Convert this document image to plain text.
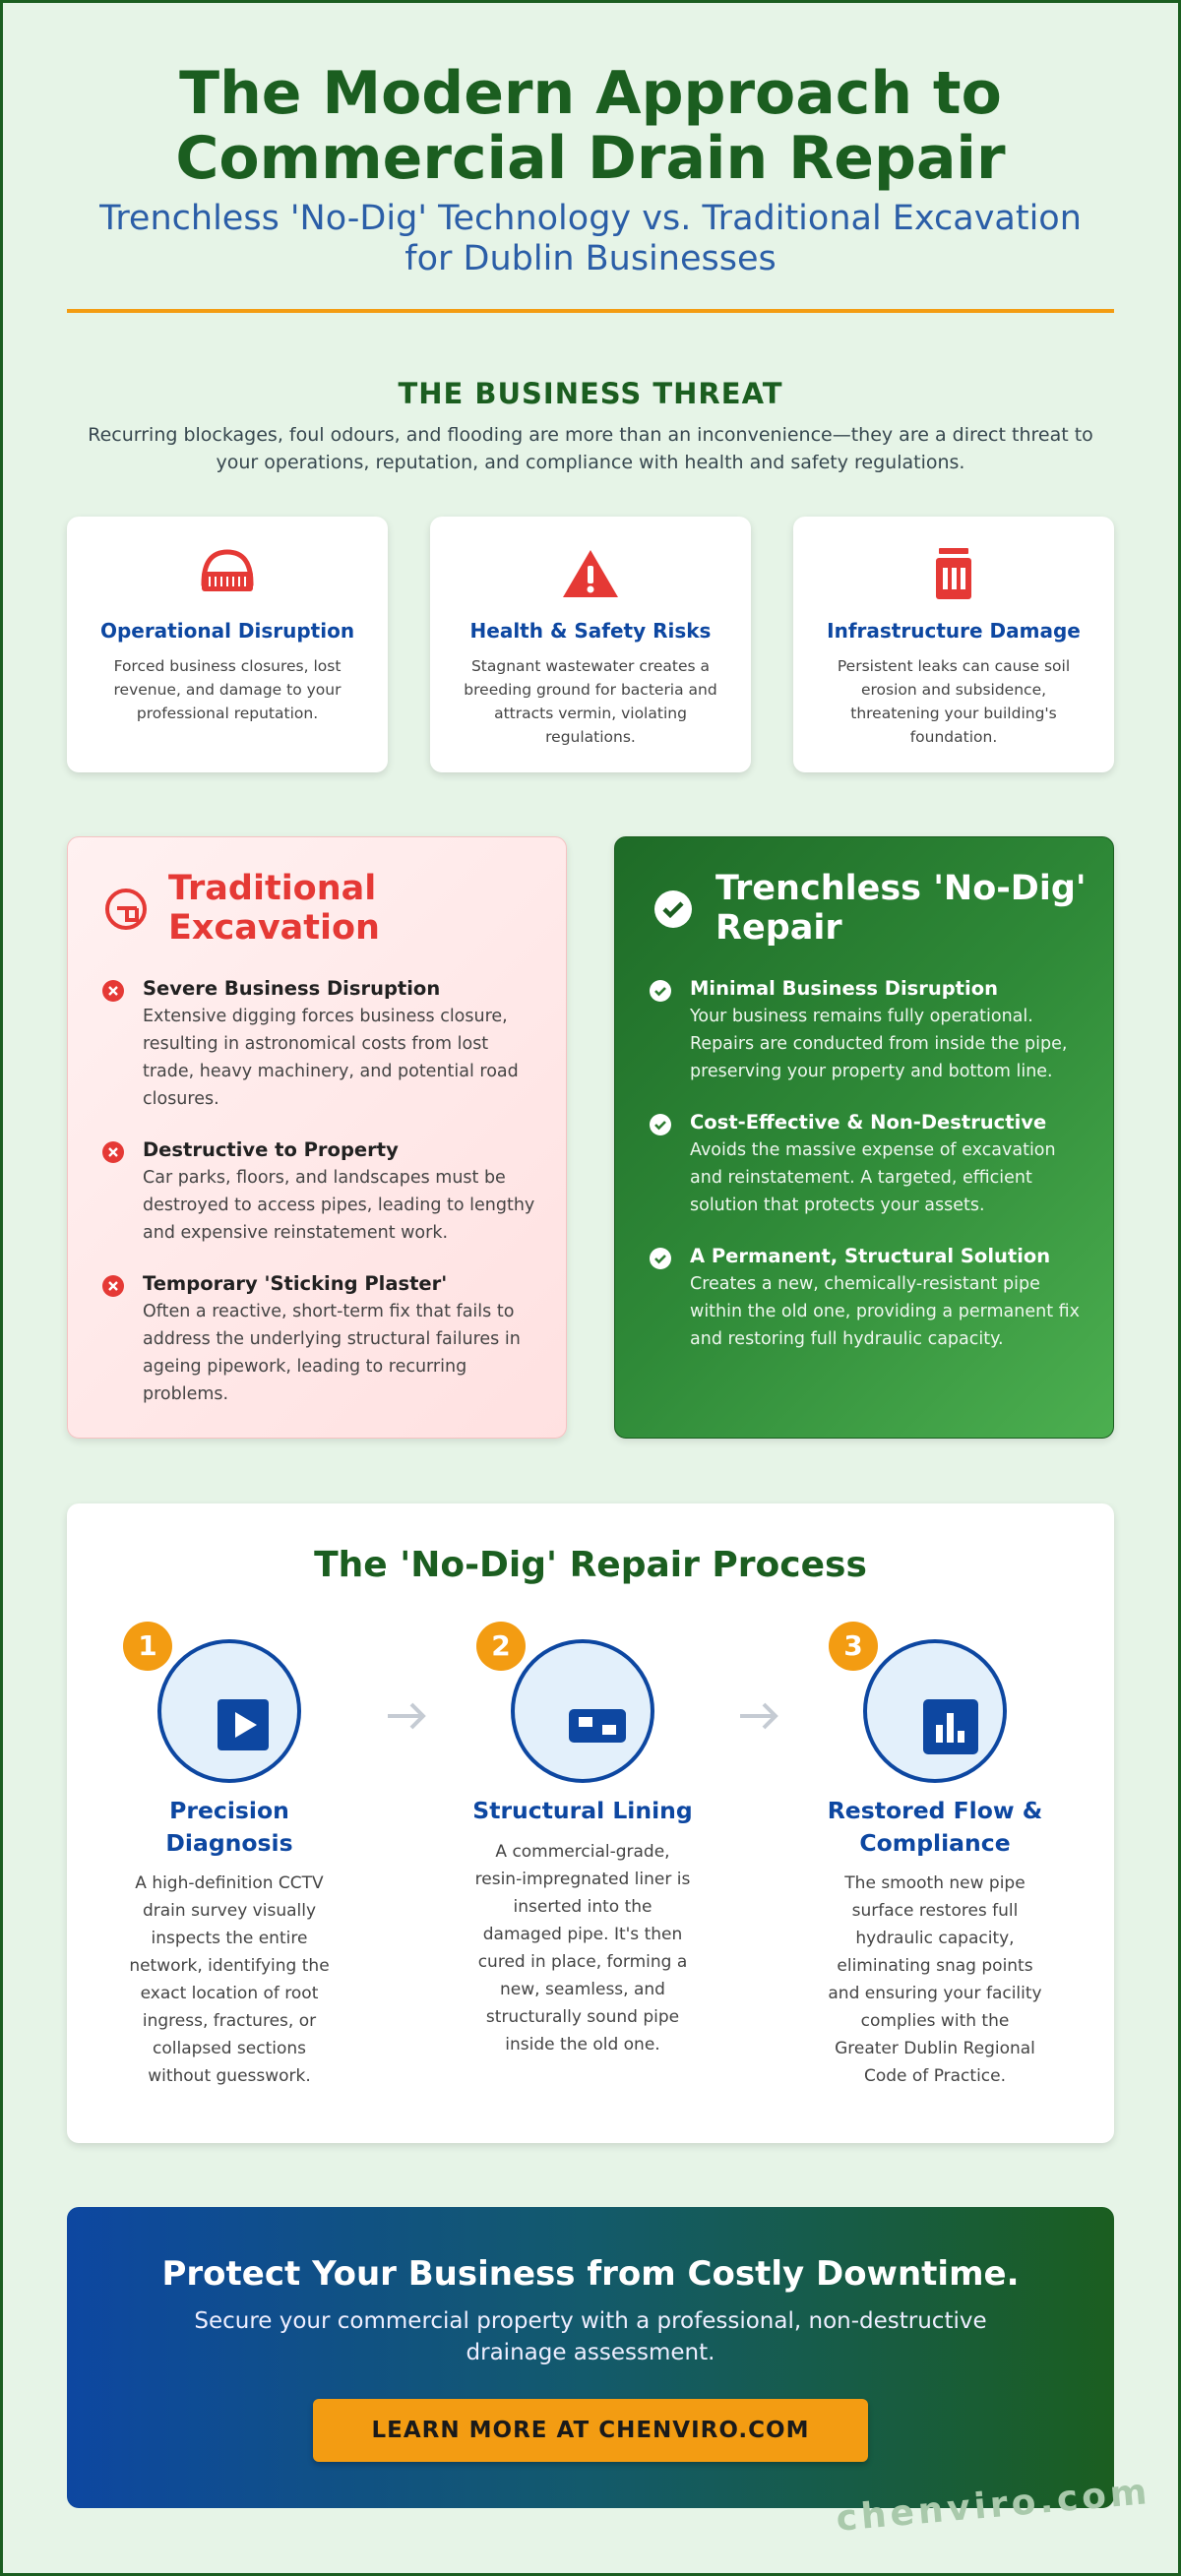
The Modern Approach to
Commercial Drain Repair
Trenchless 'No-Dig' Technology vs. Traditional Excavation
for Dublin Businesses
THE BUSINESS THREAT
Recurring blockages, foul odours, and flooding are more than an inconvenience—they are a direct threat to your operations, reputation, and compliance with health and safety regulations.
Operational Disruption
Forced business closures, lost revenue, and damage to your professional reputation.
Health & Safety Risks
Stagnant wastewater creates a breeding ground for bacteria and attracts vermin, violating regulations.
Infrastructure Damage
Persistent leaks can cause soil erosion and subsidence, threatening your building's foundation.
Traditional Excavation
Severe Business Disruption
Extensive digging forces business closure, resulting in astronomical costs from lost trade, heavy machinery, and potential road closures.
Destructive to Property
Car parks, floors, and landscapes must be destroyed to access pipes, leading to lengthy and expensive reinstatement work.
Temporary 'Sticking Plaster'
Often a reactive, short-term fix that fails to address the underlying structural failures in ageing pipework, leading to recurring problems.
Trenchless 'No-Dig' Repair
Minimal Business Disruption
Your business remains fully operational. Repairs are conducted from inside the pipe, preserving your property and bottom line.
Cost-Effective & Non-Destructive
Avoids the massive expense of excavation and reinstatement. A targeted, efficient solution that protects your assets.
A Permanent, Structural Solution
Creates a new, chemically-resistant pipe within the old one, providing a permanent fix and restoring full hydraulic capacity.
The 'No-Dig' Repair Process
1
Precision Diagnosis
A high-definition CCTV drain survey visually inspects the entire network, identifying the exact location of root ingress, fractures, or collapsed sections without guesswork.
2
Structural Lining
A commercial-grade, resin-impregnated liner is inserted into the damaged pipe. It's then cured in place, forming a new, seamless, and structurally sound pipe inside the old one.
3
Restored Flow & Compliance
The smooth new pipe surface restores full hydraulic capacity, eliminating snag points and ensuring your facility complies with the Greater Dublin Regional Code of Practice.
Protect Your Business from Costly Downtime.
Secure your commercial property with a professional, non-destructive drainage assessment.
LEARN MORE AT CHENVIRO.COM
chenviro.com
